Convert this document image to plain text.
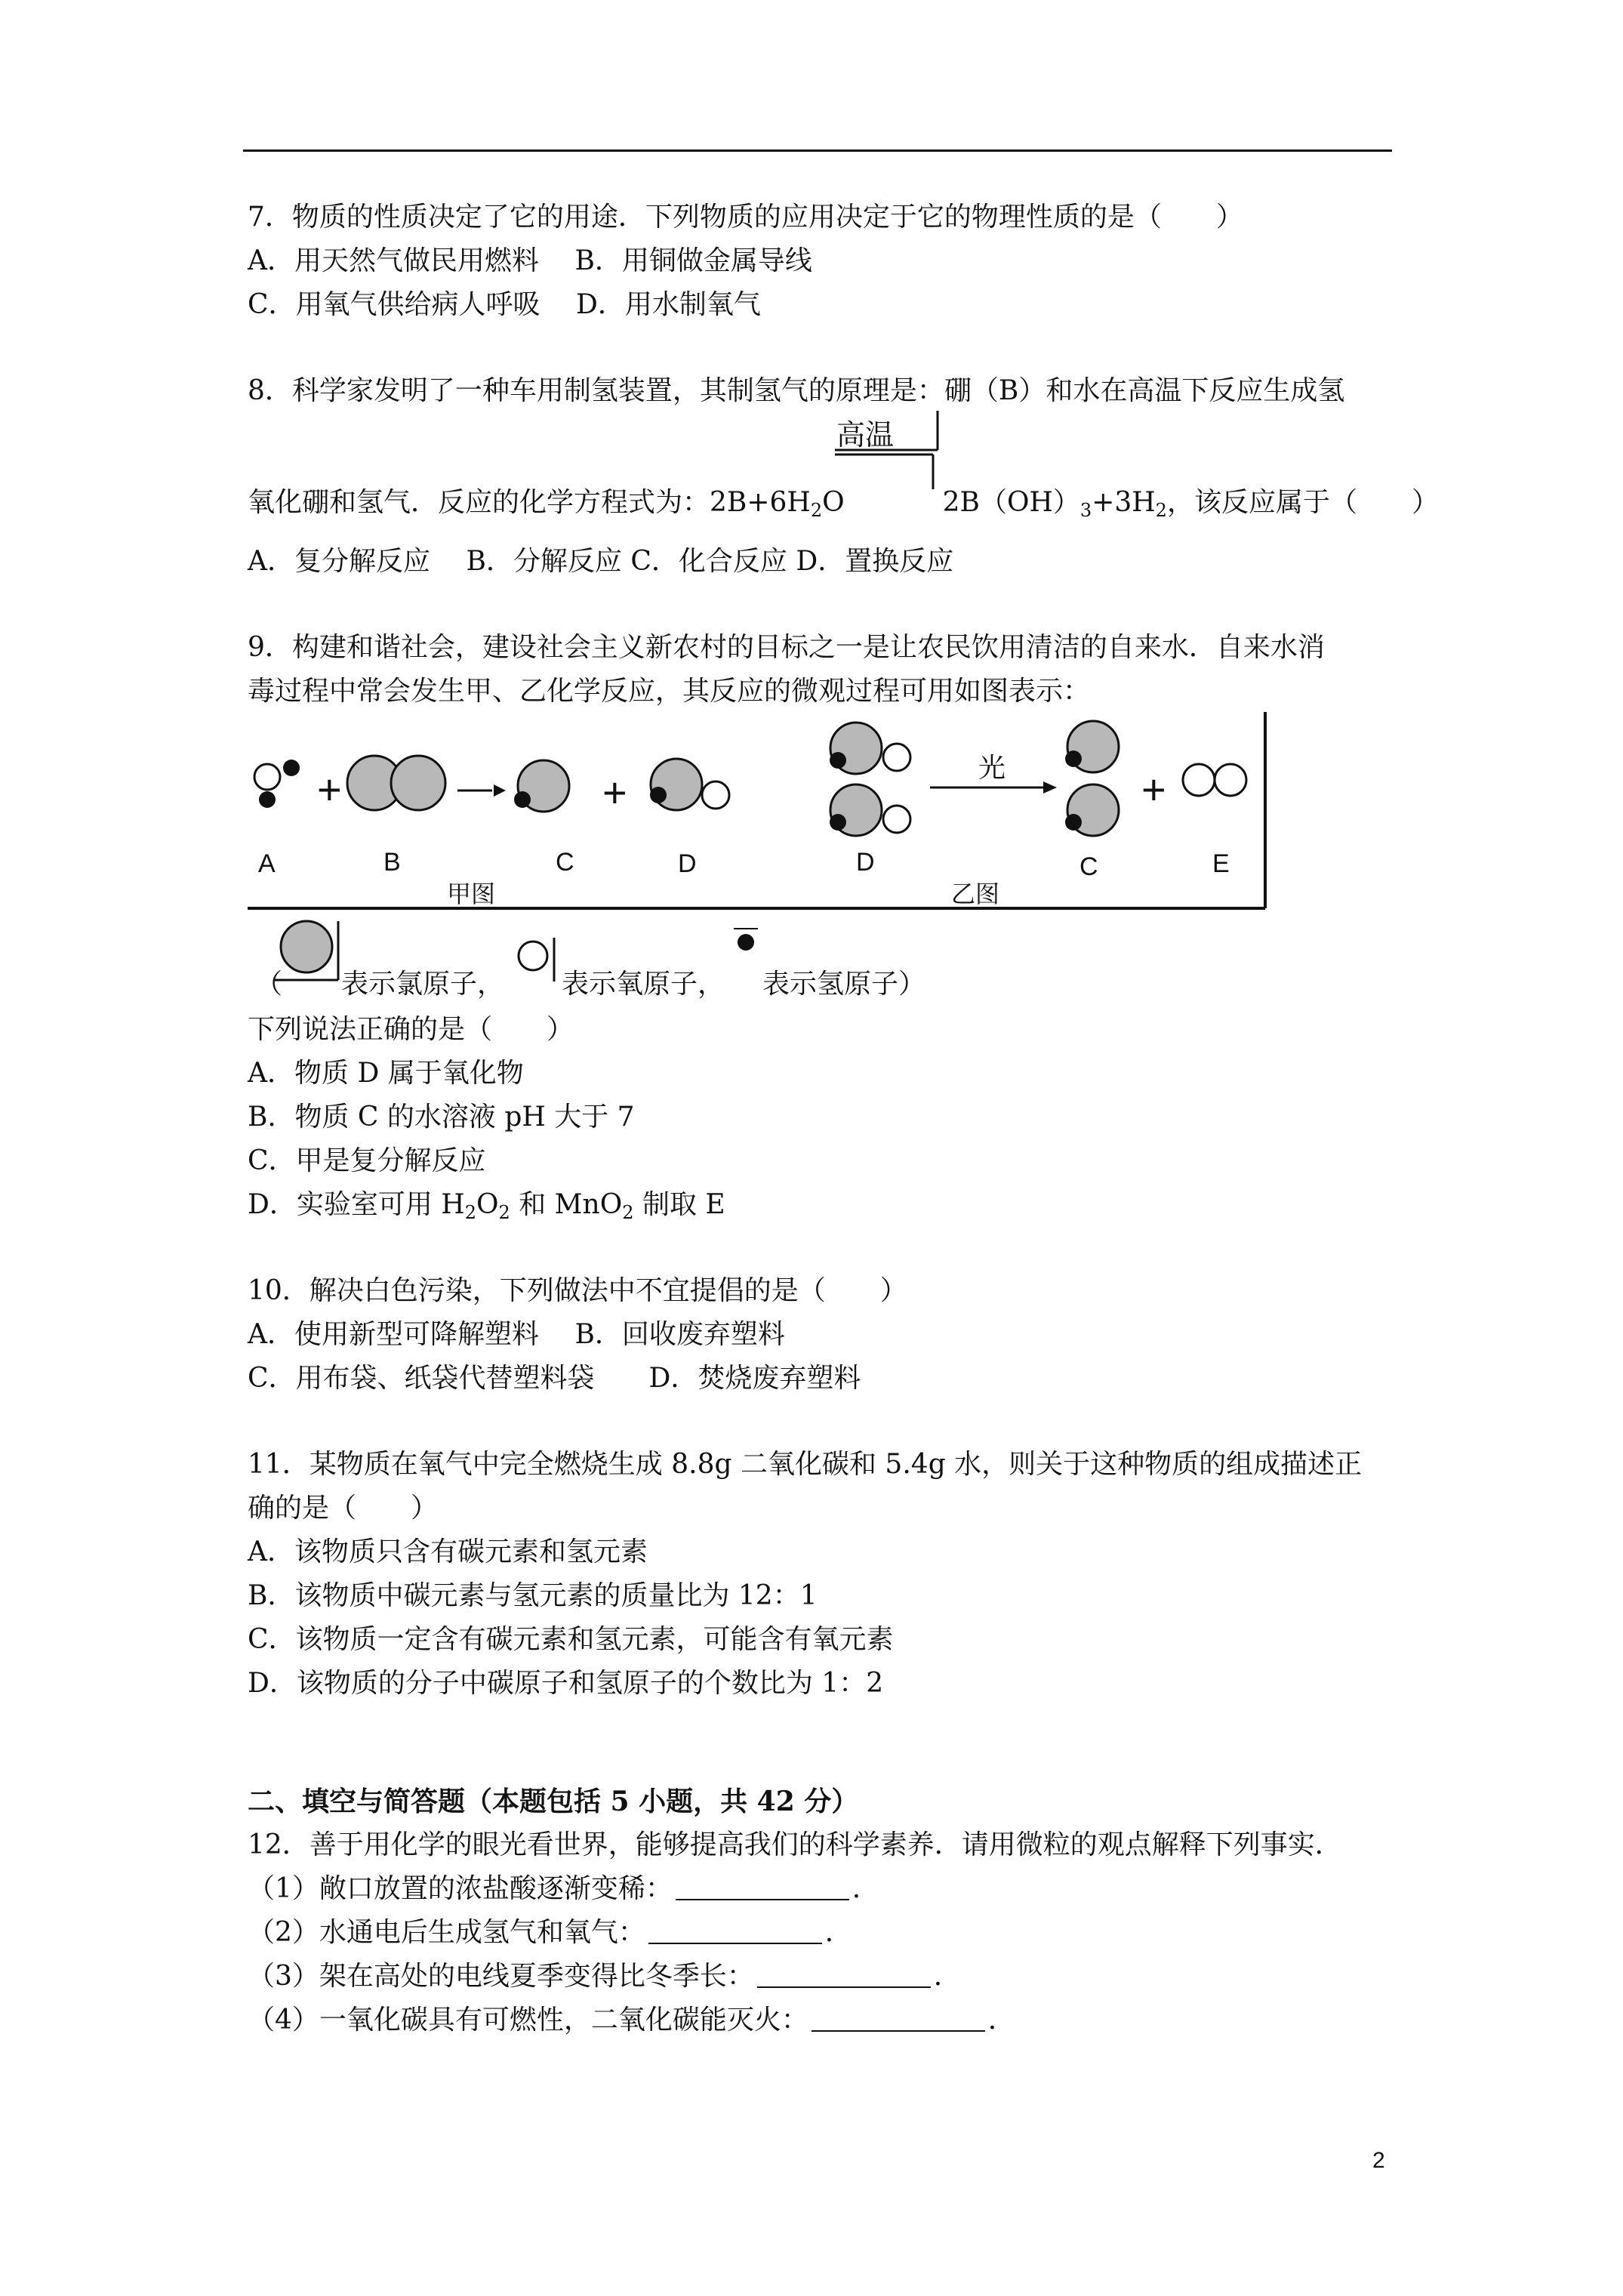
7．物质的性质决定了它的用途．下列物质的应用决定于它的物理性质的是（　　）
A．用天然气做民用燃料　 B．用铜做金属导线
C．用氧气供给病人呼吸　 D．用水制氧气
8．科学家发明了一种车用制氢装置，其制氢气的原理是：硼（B）和水在高温下反应生成氢
高温
氧化硼和氢气．反应的化学方程式为：$2B+6H_2O$	$2B(OH)_3+3H_2$，该反应属于（　　）
A．复分解反应　 B．分解反应 C．化合反应 D．置换反应
9．构建和谐社会，建设社会主义新农村的目标之一是让农民饮用清洁的自来水．自来水消
毒过程中常会发生甲、乙化学反应，其反应的微观过程可用如图表示：
+	+
光	+
A	B	C	D	D	C	E
甲图	乙图
（ 表示氯原子， 表示氧原子， 表示氢原子）
下列说法正确的是（　　）
A．物质 D 属于氧化物
B．物质 C 的水溶液 pH 大于 7
C．甲是复分解反应
D．实验室可用 $H_2O_2$ 和 MnO$_2$ 制取 E
10．解决白色污染，下列做法中不宜提倡的是（　　）
A．使用新型可降解塑料　 B．回收废弃塑料
C．用布袋、纸袋代替塑料袋　　D．焚烧废弃塑料
11．某物质在氧气中完全燃烧生成 8.8g 二氧化碳和 5.4g 水，则关于这种物质的组成描述正
确的是（　　）
A．该物质只含有碳元素和氢元素
B．该物质中碳元素与氢元素的质量比为 12：1
C．该物质一定含有碳元素和氢元素，可能含有氧元素
D．该物质的分子中碳原子和氢原子的个数比为 1：2
二、填空与简答题（本题包括 5 小题，共 42 分）
12．善于用化学的眼光看世界，能够提高我们的科学素养．请用微粒的观点解释下列事实．
（1）敞口放置的浓盐酸逐渐变稀：	．
（2）水通电后生成氢气和氧气：	．
（3）架在高处的电线夏季变得比冬季长：	．
（4）一氧化碳具有可燃性，二氧化碳能灭火：	．
2
